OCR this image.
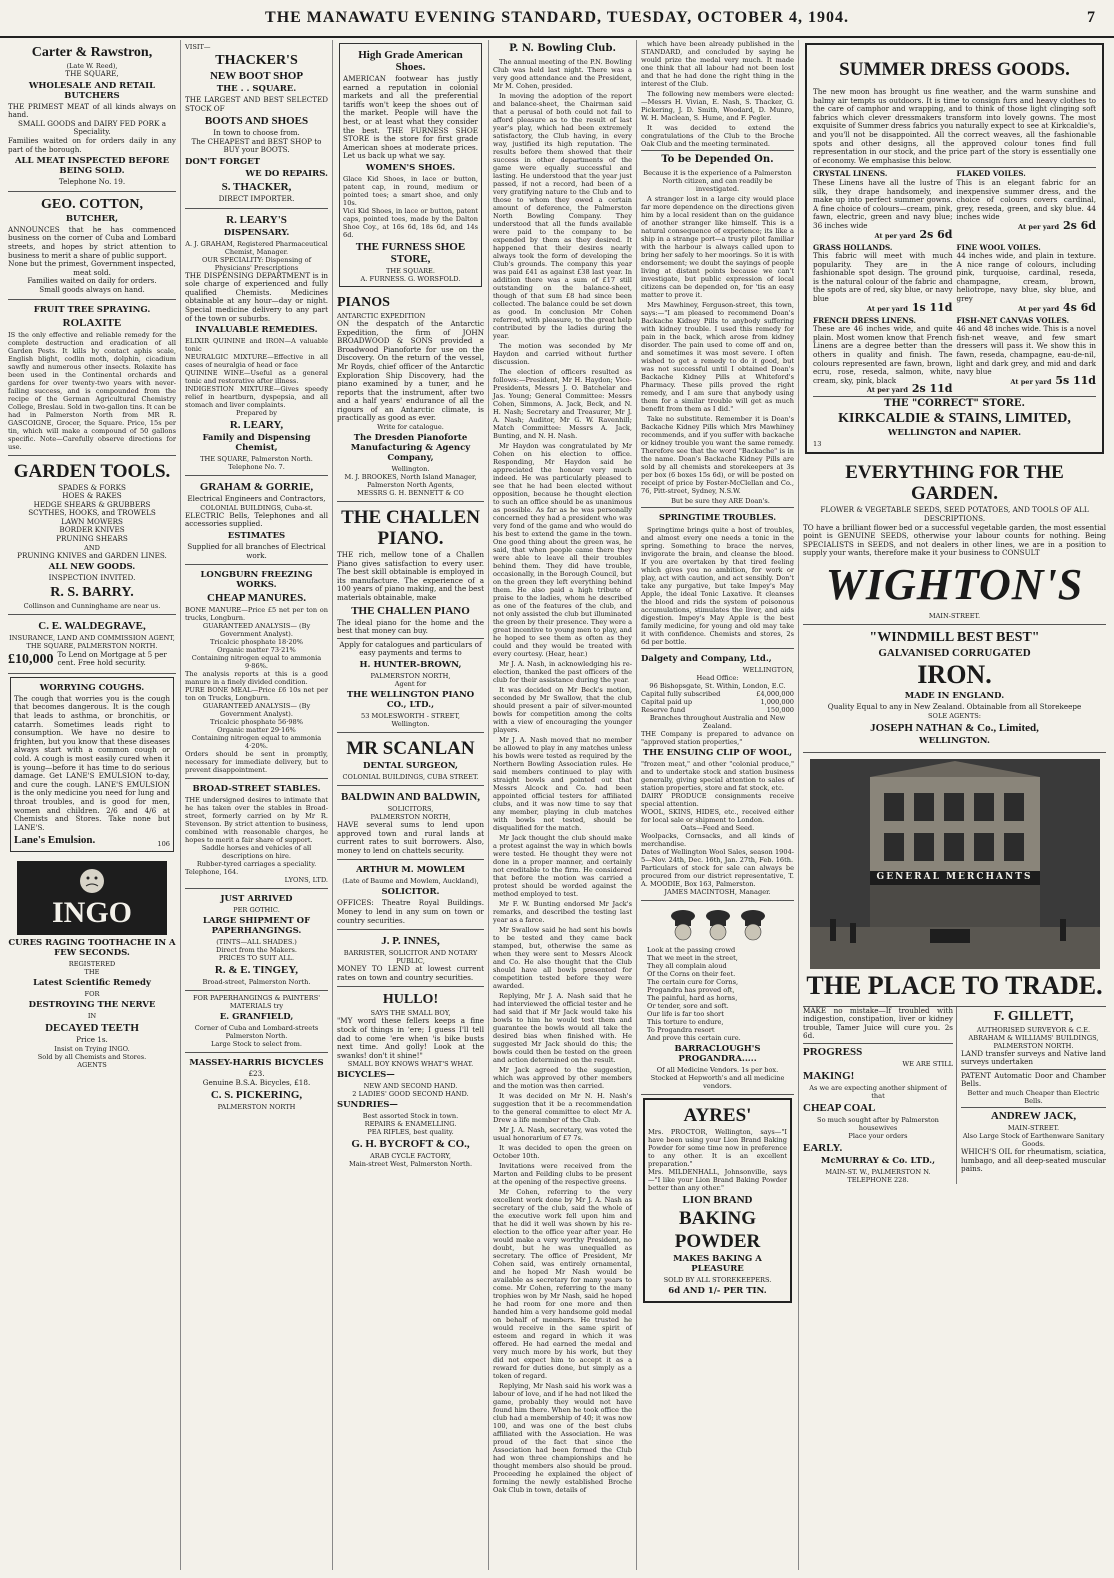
THE MANAWATU EVENING STANDARD, TUESDAY, OCTOBER 4, 1904.	7
Carter & Rawstron,
(Late W. Reed),
THE SQUARE,
WHOLESALE AND RETAIL BUTCHERS
THE PRIMEST MEAT of all kinds always on hand.
SMALL GOODS and DAIRY FED PORK a Speciality.
Families waited on for orders daily in any part of the borough.
ALL MEAT INSPECTED BEFORE BEING SOLD.
Telephone No. 19.
GEO. COTTON,
BUTCHER,
ANNOUNCES that he has commenced business on the corner of Cuba and Lombard streets, and hopes by strict attention to business to merit a share of public support.
None but the primest, Government inspected, meat sold.
Families waited on daily for orders.
Small goods always on hand.
FRUIT TREE SPRAYING.
ROLAXITE
IS the only effective and reliable remedy for the complete destruction and eradication of all Garden Pests. It kills by contact aphis scale, English blight, codlin moth, dolphin, cicadium sawfly and numerous other insects. Rolaxite has been used in the Continental orchards and gardens for over twenty-two years with never-failing success, and is compounded from the recipe of the German Agricultural Chemistry College, Breslau. Sold in two-gallon tins. It can be had in Palmerston North from MR R. GASCOIGNE, Grocer, the Square. Price, 15s per tin, which will make a compound of 50 gallons specific. Note—Carefully observe directions for use.
GARDEN TOOLS.
SPADES & FORKS
HOES & RAKES
HEDGE SHEARS & GRUBBERS
SCYTHES, HOOKS, and TROWELS
LAWN MOWERS
BORDER KNIVES
PRUNING SHEARS
AND
PRUNING KNIVES and GARDEN LINES.
ALL NEW GOODS.
INSPECTION INVITED.
R. S. BARRY.
Collinson and Cunninghame are near us.
C. E. WALDEGRAVE,
INSURANCE, LAND AND COMMISSION AGENT,
THE SQUARE, PALMERSTON NORTH.
£10,000 To Lend on Mortgage at 5 per cent. Free hold security.
WORRYING COUGHS.
The cough that worries you is the cough that becomes dangerous. It is the cough that leads to asthma, or bronchitis, or catarrh. Sometimes leads right to consumption. We have no desire to frighten, but you know that these diseases always start with a common cough or cold. A cough is most easily cured when it is young—before it has time to do serious damage. Get LANE'S EMULSION to-day, and cure the cough. LANE'S EMULSION is the only medicine you need for lung and throat troubles, and is good for men, women and children. 2/6 and 4/6 at Chemists and Stores. Take none but LANE'S.
Lane's Emulsion.	106
INGO
CURES RAGING TOOTHACHE IN A FEW SECONDS.
REGISTERED
THE
Latest Scientific Remedy
FOR
DESTROYING THE NERVE
IN
DECAYED TEETH
Price 1s.
Insist on Trying INGO.
Sold by all Chemists and Stores.
AGENTS
VISIT—
THACKER'S
NEW BOOT SHOP
THE . . SQUARE.
THE LARGEST AND BEST SELECTED STOCK OF
BOOTS AND SHOES
In town to choose from.
The CHEAPEST and BEST SHOP to BUY your BOOTS.
DON'T FORGET
WE DO REPAIRS.
S. THACKER,
DIRECT IMPORTER.
R. LEARY'S
DISPENSARY.
A. J. GRAHAM, Registered Pharmaceutical Chemist, Manager.
OUR SPECIALITY: Dispensing of Physicians' Prescriptions
THE DISPENSING DEPARTMENT is in sole charge of experienced and fully qualified Chemists. Medicines obtainable at any hour—day or night. Special medicine delivery to any part of the town or suburbs.
INVALUABLE REMEDIES.
ELIXIR QUININE and IRON—A valuable tonic
NEURALGIC MIXTURE—Effective in all cases of neuralgia of head or face
QUININE WINE—Useful as a general tonic and restorative after illness.
INDIGESTION MIXTURE—Gives speedy relief in heartburn, dyspepsia, and all stomach and liver complaints.
Prepared by
R. LEARY,
Family and Dispensing Chemist,
THE SQUARE, Palmerston North.
Telephone No. 7.
GRAHAM & GORRIE,
Electrical Engineers and Contractors,
COLONIAL BUILDINGS, Cuba-st.
ELECTRIC Bells, Telephones and all accessories supplied.
ESTIMATES
Supplied for all branches of Electrical work.
LONGBURN FREEZING WORKS.
CHEAP MANURES.
BONE MANURE—Price £5 net per ton on trucks, Longburn.
GUARANTEED ANALYSIS— (By Government Analyst).
Tricalcic phosphate 18·20%
Organic matter 73·21%
Containing nitrogen equal to ammonia 9·86%.
The analysis reports at this is a good manure in a finely divided condition.
PURE BONE MEAL—Price £6 10s net per ton on Trucks, Longburn.
GUARANTEED ANALYSIS— (By Government Analyst).
Tricalcic phosphate 56·98%
Organic matter 29·16%
Containing nitrogen equal to ammonia 4·20%.
Orders should be sent in promptly, necessary for immediate delivery, but to prevent disappointment.
BROAD-STREET STABLES.
THE undersigned desires to intimate that he has taken over the stables in Broad-street, formerly carried on by Mr R. Stevenson. By strict attention to business, combined with reasonable charges, he hopes to merit a fair share of support.
Saddle horses and vehicles of all descriptions on hire.
Rubber-tyred carriages a speciality.
Telephone, 164.
LYONS, LTD.
JUST ARRIVED
PER GOTHIC.
LARGE SHIPMENT OF PAPERHANGINGS.
(TINTS—ALL SHADES.)
Direct from the Makers.
PRICES TO SUIT ALL.
R. & E. TINGEY,
Broad-street, Palmerston North.
FOR PAPERHANGINGS & PAINTERS' MATERIALS try
E. GRANFIELD,
Corner of Cuba and Lombard-streets Palmerston North.
Large Stock to select from.
MASSEY-HARRIS BICYCLES
£23.
Genuine B.S.A. Bicycles, £18.
C. S. PICKERING,
PALMERSTON NORTH
High Grade American Shoes.
AMERICAN footwear has justly earned a reputation in colonial markets and all the preferential tariffs won't keep the shoes out of the market. People will have the best, or at least what they consider the best. THE FURNESS SHOE STORE is the store for first grade American shoes at moderate prices. Let us back up what we say.
WOMEN'S SHOES.
Glace Kid Shoes, in lace or button, patent cap, in round, medium or pointed toes; a smart shoe, and only 10s.
Vici Kid Shoes, in lace or button, patent caps, pointed toes, made by the Dalton Shoe Coy., at 16s 6d, 18s 6d, and 14s 6d.
THE FURNESS SHOE STORE,
THE SQUARE.
A. FURNESS. G. WORSFOLD.
PIANOS
ANTARCTIC EXPEDITION
ON the despatch of the Antarctic Expedition, the firm of JOHN BROADWOOD & SONS provided a Broadwood Pianoforte for use on the Discovery. On the return of the vessel, Mr Royds, chief officer of the Antarctic Exploration Ship Discovery, had the piano examined by a tuner, and he reports that the instrument, after two and a half years' endurance of all the rigours of an Antarctic climate, is practically as good as ever.
Write for catalogue.
The Dresden Pianoforte Manufacturing & Agency Company,
Wellington.
M. J. BROOKES, North Island Manager, Palmerston North Agents,
MESSRS G. H. BENNETT & CO
THE CHALLEN PIANO.
THE rich, mellow tone of a Challen Piano gives satisfaction to every user. The best skill obtainable is employed in its manufacture. The experience of a 100 years of piano making, and the best materials obtainable, make
THE CHALLEN PIANO
The ideal piano for the home and the best that money can buy.
Apply for catalogues and particulars of easy payments and terms to
H. HUNTER-BROWN,
PALMERSTON NORTH,
Agent for
THE WELLINGTON PIANO CO., LTD.,
53 MOLESWORTH - STREET,
Wellington.
MR SCANLAN
DENTAL SURGEON,
COLONIAL BUILDINGS, CUBA STREET.
BALDWIN AND BALDWIN,
SOLICITORS,
PALMERSTON NORTH,
HAVE several sums to lend upon approved town and rural lands at current rates to suit borrowers. Also, money to lend on chattels security.
ARTHUR M. MOWLEM
(Late of Baume and Mowlem, Auckland),
SOLICITOR.
OFFICES: Theatre Royal Buildings. Money to lend in any sum on town or country securities.
J. P. INNES,
BARRISTER, SOLICITOR AND NOTARY PUBLIC,
MONEY TO LEND at lowest current rates on town and country securities.
HULLO!
SAYS THE SMALL BOY,
"MY word these fellers keeps a fine stock of things in 'ere; I guess I'll tell dad to come 'ere when 'is bike busts next time. And golly! Look at the swanks! don't it shine!"
SMALL BOY KNOWS WHAT'S WHAT.
BICYCLES—
NEW AND SECOND HAND.
2 LADIES' GOOD SECOND HAND.
SUNDRIES—
Best assorted Stock in town.
REPAIRS & ENAMELLING.
PEA RIFLES, best quality.
G. H. BYCROFT & CO.,
ARAB CYCLE FACTORY,
Main-street West, Palmerston North.
P. N. Bowling Club.

The annual meeting of the P.N. Bowling Club was held last night. There was a very good attendance and the President, Mr M. Cohen, presided.

In moving the adoption of the report and balance-sheet, the Chairman said that a perusal of both could not fail to afford pleasure as to the result of last year's play, which had been extremely satisfactory, the Club having, in every way, justified its high reputation. The results before them showed that their success in other departments of the game were equally successful and lasting. He understood that the year just passed, if not a record, had been of a very gratifying nature to the Club and to those to whom they owed a certain amount of deference, the Palmerston North Bowling Company. They understood that all the funds available were paid to the company to be expended by them as they desired. It happened that their desires nearly always took the form of developing the Club's grounds. The company this year was paid £41 as against £38 last year. In addition there was a sum of £17 still outstanding on the balance-sheet, though of that sum £8 had since been collected. The balance could be set down as good. In conclusion Mr Cohen referred, with pleasure, to the great help contributed by the ladies during the year.

The motion was seconded by Mr Haydon and carried without further discussion.

The election of officers resulted as follows:—President, Mr H. Haydon; Vice-Presidents, Messrs J. O. Batchelar and Jas. Young; General Committee: Messrs Cohen, Simmons, A. Jack, Beck, and N. H. Nash; Secretary and Treasurer, Mr J. A. Nash; Auditor, Mr G. W. Ravenhill; Match Committee: Messrs A. Jack, Bunting, and N. H. Nash.

Mr Haydon was congratulated by Mr Cohen on his election to office. Responding, Mr Haydon said he appreciated the honour very much indeed. He was particularly pleased to see that he had been elected without opposition, because he thought election to such an office should be as unanimous as possible. As far as he was personally concerned they had a president who was very fond of the game and who would do his best to extend the game in the town. One good thing about the green was, he said, that when people came there they were able to leave all their troubles behind them. They did have trouble, occasionally, in the Borough Council, but on the green they left everything behind them. He also paid a high tribute of praise to the ladies, whom he described as one of the features of the club, and not only assisted the club but illuminated the green by their presence. They were a great incentive to young men to play, and he hoped to see them as often as they could and they would be treated with every courtesy. (Hear, hear.)

Mr J. A. Nash, in acknowledging his re-election, thanked the past officers of the club for their assistance during the year.

It was decided on Mr Beck's motion, seconded by Mr Swallow, that the club should present a pair of silver-mounted bowls for competition among the colts with a view of encouraging the younger players.

Mr J. A. Nash moved that no member be allowed to play in any matches unless his bowls were tested as required by the Northern Bowling Association rules. He said members continued to play with straight bowls and pointed out that Messrs Alcock and Co. had been appointed official testers for affiliated clubs, and it was now time to say that any member, playing in club matches with bowls not tested, should be disqualified for the match.

Mr Jack thought the club should make a protest against the way in which bowls were tested. He thought they were not done in a proper manner, and certainly not creditable to the firm. He considered that before the motion was carried a protest should be worded against the method employed to test.

Mr F. W. Bunting endorsed Mr Jack's remarks, and described the testing last year as a farce.

Mr Swallow said he had sent his bowls to be tested and they came back stamped, but, otherwise the same as when they were sent to Messrs Alcock and Co. He also thought that the Club should have all bowls presented for competition tested before they were awarded.

Replying, Mr J. A. Nash said that he had interviewed the official tester and he had said that if Mr Jack would take his bowls to him he would test them and guarantee the bowls would all take the desired bias when finished with. He suggested Mr Jack should do this; the bowls could then be tested on the green and action determined on the result.

Mr Jack agreed to the suggestion, which was approved by other members and the motion was then carried.

It was decided on Mr N. H. Nash's suggestion that it be a recommendation to the general committee to elect Mr A. Drew a life member of the Club.

Mr J. A. Nash, secretary, was voted the usual honorarium of £7 7s.

It was decided to open the green on October 10th.

Invitations were received from the Marton and Feilding clubs to be present at the opening of the respective greens.

Mr Cohen, referring to the very excellent work done by Mr J. A. Nash as secretary of the club, said the whole of the executive work fell upon him and that he did it well was shown by his re-election to the office year after year. He would make a very worthy President, no doubt, but he was unequalled as secretary. The office of President, Mr Cohen said, was entirely ornamental, and he hoped Mr Nash would be available as secretary for many years to come. Mr Cohen, referring to the many trophies won by Mr Nash, said he hoped he had room for one more and then handed him a very handsome gold medal on behalf of members. He trusted he would receive in the same spirit of esteem and regard in which it was offered. He had earned the medal and very much more by his work, but they did not expect him to accept it as a reward for duties done, but simply as a token of regard.

Replying, Mr Nash said his work was a labour of love, and if he had not liked the game, probably they would not have found him there. When he took office the club had a membership of 40; it was now 100, and was one of the best clubs affiliated with the Association. He was proud of the fact that since the Association had been formed the Club had won three championships and he thought members also should be proud. Proceeding he explained the object of forming the newly established Broche Oak Club in town, details of

which have been already published in the STANDARD, and concluded by saying he would prize the medal very much. It made one think that all labour had not been lost and that he had done the right thing in the interest of the Club.

The following new members were elected:—Messrs H. Vivian, E. Nash, S. Thacker, G. Pickering, J. D. Smith, Woodard, D. Munro, W. H. Maclean, S. Hume, and F. Pegler.

It was decided to extend the congratulations of the Club to the Broche Oak Club and the meeting terminated.

To be Depended On.

Because it is the experience of a Palmerston North citizen, and can readily be investigated.

A stranger lost in a large city would place far more dependence on the directions given him by a local resident than on the guidance of another stranger like himself. This is a natural consequence of experience; its like a ship in a strange port—a trusty pilot familiar with the harbour is always called upon to bring her safely to her moorings. So it is with endorsement; we doubt the sayings of people living at distant points because we can't investigate, but public expression of local citizens can be depended on, for 'tis an easy matter to prove it.

Mrs Mawhiney, Ferguson-street, this town, says:—"I am pleased to recommend Doan's Backache Kidney Pills to anybody suffering with kidney trouble. I used this remedy for pain in the back, which arose from kidney disorder. The pain used to come off and on, and sometimes it was most severe. I often wished to get a remedy to do it good, but was not successful until I obtained Doan's Backache Kidney Pills at Whiteford's Pharmacy. These pills proved the right remedy, and I am sure that anybody using them for a similar trouble will get as much benefit from them as I did."

Take no substitute. Remember it is Doan's Backache Kidney Pills which Mrs Mawhiney recommends, and if you suffer with backache or kidney trouble you want the same remedy. Therefore see that the word "Backache" is in the name. Doan's Backache Kidney Pills are sold by all chemists and storekeepers at 3s per box (6 boxes 15s 6d), or will be posted on receipt of price by Foster-McClellan and Co., 76, Pitt-street, Sydney, N.S.W.

But be sure they ARE Doan's.

SPRINGTIME TROUBLES.

Springtime brings quite a host of troubles, and almost every one needs a tonic in the spring. Something to brace the nerves, invigorate the brain, and cleanse the blood. If you are overtaken by that tired feeling which gives you no ambition, for work or play, act with caution, and act sensibly. Don't take any purgative, but take Impey's May Apple, the ideal Tonic Laxative. It cleanses the blood and rids the system of poisonous accumulations, stimulates the liver, and aids digestion. Impey's May Apple is the best family medicine, for young and old may take it with confidence. Chemists and stores, 2s 6d per bottle.

Dalgety and Company, Ltd.,
WELLINGTON,
Head Office:
96 Bishopsgate, St. Within, London, E.C.
Capital fully subscribed	£4,000,000
Capital paid up	1,000,000
Reserve fund	150,000
Branches throughout Australia and New Zealand.
THE Company is prepared to advance on "approved station properties,"
THE ENSUING CLIP OF WOOL,
"frozen meat," and other "colonial produce," and to undertake stock and station business generally, giving special attention to sales of station properties, store and fat stock, etc.
DAIRY PRODUCE consignments receive special attention.
WOOL, SKINS, HIDES, etc., received either for local sale or shipment to London.
Oats—Feed and Seed.
Woolpacks, Cornsacks, and all kinds of merchandise.
Dates of Wellington Wool Sales, season 1904-5—Nov. 24th, Dec. 16th, Jan. 27th, Feb. 16th.
Particulars of stock for sale can always be procured from our district representative, T. A. MOODIE, Box 163, Palmerston.
JAMES MACINTOSH, Manager.
Look at the passing crowd
That we meet in the street,
They all complain aloud
Of the Corns on their feet.
The certain cure for Corns,
Progandra has proved oft,
The painful, hard as horns,
Or tender, sore and soft.
Our life is far too short
This torture to endure,
To Progandra resort
And prove this certain cure.
BARRACLOUGH'S PROGANDRA.....
Of all Medicine Vendors. 1s per box.
Stocked at Hepworth's and all medicine vendors.
AYRES'
Mrs. PROCTOR, Wellington, says—"I have been using your Lion Brand Baking Powder for some time now in preference to any other. It is an excellent preparation."
Mrs. MILDENHALL, Johnsonville, says—"I like your Lion Brand Baking Powder better than any other."
LION BRAND
BAKING
POWDER
MAKES BAKING A PLEASURE
SOLD BY ALL STOREKEEPERS.
6d AND 1/- PER TIN.
SUMMER DRESS GOODS.
The new moon has brought us fine weather, and the warm sunshine and balmy air tempts us outdoors. It is time to consign furs and heavy clothes to the care of camphor and wrapping, and to think of those light clinging soft fabrics which clever dressmakers transform into lovely gowns. The most exquisite of Summer dress fabrics you naturally expect to see at Kirkcaldie's, and you'll not be disappointed. All the correct weaves, all the fashionable spots and other designs, all the approved colour tones find full representation in our stock, and the price part of the story is essentially one of economy. We emphasise this below.
CRYSTAL LINENS.
These Linens have all the lustre of silk, they drape handsomely, and make up into perfect summer gowns. A fine choice of colours—cream, pink, fawn, electric, green and navy blue; 36 inches wide
At per yard 2s 6d
FLAKED VOILES.
This is an elegant fabric for an inexpensive summer dress, and the choice of colours covers cardinal, grey, reseda, green, and sky blue. 44 inches wide
At per yard 2s 6d
GRASS HOLLANDS.
This fabric will meet with much popularity. They are in the fashionable spot design. The ground is the natural colour of the fabric and the spots are of red, sky blue, or navy blue
At per yard 1s 11d
FINE WOOL VOILES.
44 inches wide, and plain in texture. A nice range of colours, including pink, turquoise, cardinal, reseda, champagne, cream, brown, heliotrope, navy blue, sky blue, and grey
At per yard 4s 6d
FRENCH DRESS LINENS.
These are 46 inches wide, and quite plain. Most women know that French Linens are a degree better than the others in quality and finish. The colours represented are fawn, brown, ecru, rose, reseda, salmon, white, cream, sky, pink, black
At per yard 2s 11d
FISH-NET CANVAS VOILES.
46 and 48 inches wide. This is a novel fish-net weave, and few smart dressers will pass it. We show this in fawn, reseda, champagne, eau-de-nil, light and dark grey, and mid and dark navy blue
At per yard 5s 11d
THE "CORRECT" STORE.
KIRKCALDIE & STAINS, LIMITED,
WELLINGTON and NAPIER.
13
EVERYTHING FOR THE GARDEN.
FLOWER & VEGETABLE SEEDS, SEED POTATOES, AND TOOLS OF ALL DESCRIPTIONS.
TO have a brilliant flower bed or a successful vegetable garden, the most essential point is GENUINE SEEDS, otherwise your labour counts for nothing. Being SPECIALISTS in SEEDS, and not dealers in other lines, we are in a position to supply your wants, therefore make it your business to CONSULT
WIGHTON'S
MAIN-STREET.
"WINDMILL BEST BEST"
GALVANISED CORRUGATED
IRON.
MADE IN ENGLAND.
Quality Equal to any in New Zealand. Obtainable from all Storekeepe
SOLE AGENTS:
JOSEPH NATHAN & Co., Limited,
WELLINGTON.
GENERAL MERCHANTS
THE PLACE TO TRADE.
MAKE no mistake—If troubled with indigestion, constipation, liver or kidney trouble, Tamer Juice will cure you. 2s 6d.
PROGRESS
WE ARE STILL
MAKING!
As we are expecting another shipment of that
CHEAP COAL
So much sought after by Palmerston housewives
Place your orders
EARLY.
McMURRAY & Co. LTD.,
MAIN-ST. W., PALMERSTON N.
TELEPHONE 228.
F. GILLETT,
AUTHORISED SURVEYOR & C.E.
ABRAHAM & WILLIAMS' BUILDINGS,
PALMERSTON NORTH.
LAND transfer surveys and Native land surveys undertaken
PATENT Automatic Door and Chamber Bells.
Better and much Cheaper than Electric Bells.
ANDREW JACK,
MAIN-STREET.
Also Large Stock of Earthenware Sanitary Goods.
WHICH'S OIL for rheumatism, sciatica, lumbago, and all deep-seated muscular pains.
